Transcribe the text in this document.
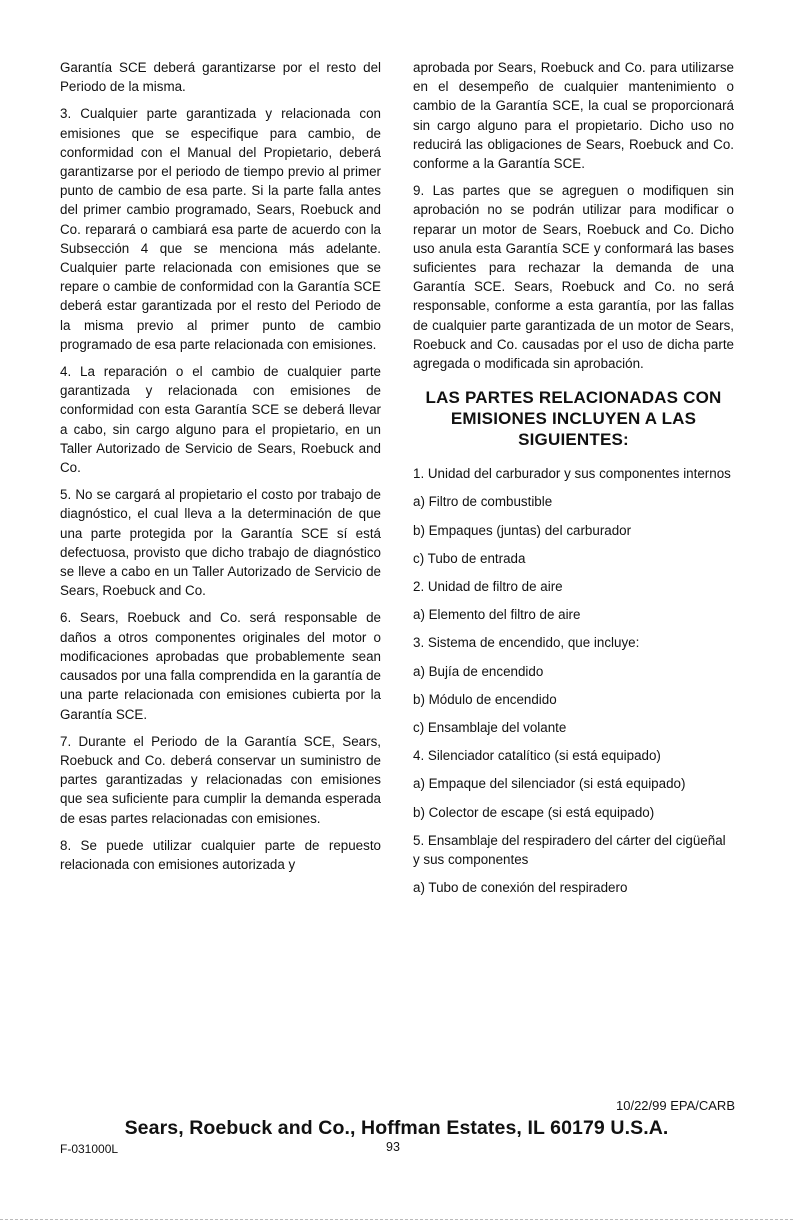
Garantía SCE deberá garantizarse por el resto del Periodo de la misma.

3. Cualquier parte garantizada y relacionada con emisiones que se especifique para cambio, de conformidad con el Manual del Propietario, deberá garantizarse por el periodo de tiempo previo al primer punto de cambio de esa parte. Si la parte falla antes del primer cambio programado, Sears, Roebuck and Co. reparará o cambiará esa parte de acuerdo con la Subsección 4 que se menciona más adelante. Cualquier parte relacionada con emisiones que se repare o cambie de conformidad con la Garantía SCE deberá estar garantizada por el resto del Periodo de la misma previo al primer punto de cambio programado de esa parte relacionada con emisiones.

4. La reparación o el cambio de cualquier parte garantizada y relacionada con emisiones de conformidad con esta Garantía SCE se deberá llevar a cabo, sin cargo alguno para el propietario, en un Taller Autorizado de Servicio de Sears, Roebuck and Co.

5. No se cargará al propietario el costo por trabajo de diagnóstico, el cual lleva a la determinación de que una parte protegida por la Garantía SCE sí está defectuosa, provisto que dicho trabajo de diagnóstico se lleve a cabo en un Taller Autorizado de Servicio de Sears, Roebuck and Co.

6. Sears, Roebuck and Co. será responsable de daños a otros componentes originales del motor o modificaciones aprobadas que probablemente sean causados por una falla comprendida en la garantía de una parte relacionada con emisiones cubierta por la Garantía SCE.

7. Durante el Periodo de la Garantía SCE, Sears, Roebuck and Co. deberá conservar un suministro de partes garantizadas y relacionadas con emisiones que sea suficiente para cumplir la demanda esperada de esas partes relacionadas con emisiones.

8. Se puede utilizar cualquier parte de repuesto relacionada con emisiones autorizada y

aprobada por Sears, Roebuck and Co. para utilizarse en el desempeño de cualquier mantenimiento o cambio de la Garantía SCE, la cual se proporcionará sin cargo alguno para el propietario. Dicho uso no reducirá las obligaciones de Sears, Roebuck and Co. conforme a la Garantía SCE.

9. Las partes que se agreguen o modifiquen sin aprobación no se podrán utilizar para modificar o reparar un motor de Sears, Roebuck and Co. Dicho uso anula esta Garantía SCE y conformará las bases suficientes para rechazar la demanda de una Garantía SCE. Sears, Roebuck and Co. no será responsable, conforme a esta garantía, por las fallas de cualquier parte garantizada de un motor de Sears, Roebuck and Co. causadas por el uso de dicha parte agregada o modificada sin aprobación.

LAS PARTES RELACIONADAS CON
EMISIONES INCLUYEN A LAS
SIGUIENTES:
1. Unidad del carburador y sus componentes internos
a) Filtro de combustible
b) Empaques (juntas) del carburador
c) Tubo de entrada
2. Unidad de filtro de aire
a) Elemento del filtro de aire
3. Sistema de encendido, que incluye:
a) Bujía de encendido
b) Módulo de encendido
c) Ensamblaje del volante
4. Silenciador catalítico (si está equipado)
a) Empaque del silenciador (si está equipado)
b) Colector de escape (si está equipado)
5. Ensamblaje del respiradero del cárter del cigüeñal y sus componentes
a) Tubo de conexión del respiradero
10/22/99 EPA/CARB
Sears, Roebuck and Co., Hoffman Estates, IL 60179 U.S.A.
F-031000L	93
